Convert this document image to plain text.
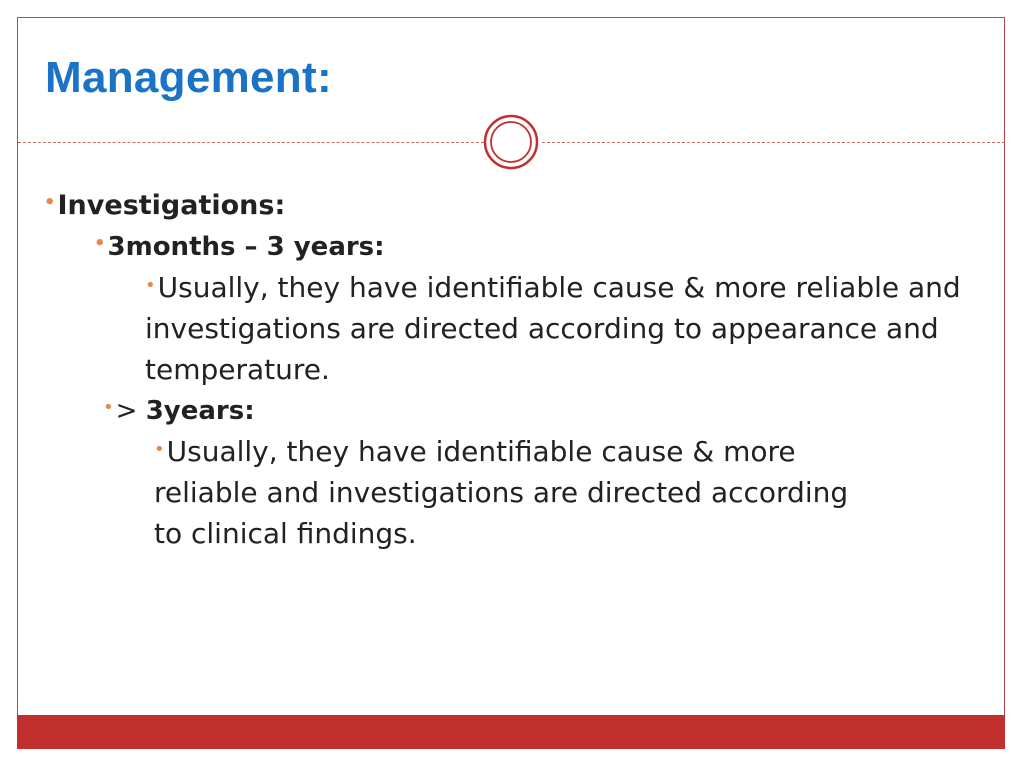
Management:
•Investigations:
•3months – 3 years:

•Usually, they have identifiable cause & more reliable and investigations are directed according to appearance and temperature.

•> 3years:

•Usually, they have identifiable cause & more reliable and investigations are directed according to clinical findings.
